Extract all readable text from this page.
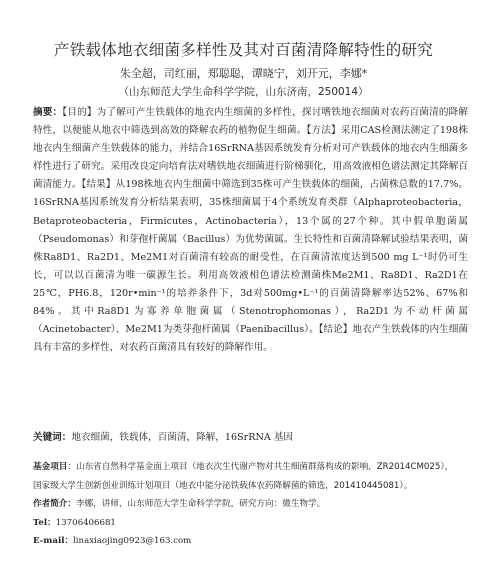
产铁载体地衣细菌多样性及其对百菌清降解特性的研究
朱全超，司红丽，郑聪聪，谭晓宁，刘开元，李娜*
（山东师范大学生命科学学院，山东济南，250014）
摘要：【目的】为了解可产生铁载体的地衣内生细菌的多样性，探讨嗜铁地衣细菌对农药百菌清的降解特性，以便能从地衣中筛选到高效的降解农药的植物促生细菌。【方法】采用CAS检测法测定了198株地衣内生细菌产生铁载体的能力，并结合16SrRNA基因系统发育分析对可产铁载体的地衣内生细菌多样性进行了研究。采用改良定向培育法对嗜铁地衣细菌进行阶梯驯化，用高效液相色谱法测定其降解百菌清能力。【结果】从198株地衣内生细菌中筛选到35株可产生铁载体的细菌，占菌株总数的17.7%。16SrRNA基因系统发育分析结果表明，35株细菌属于4个系统发育类群（Alphaproteobacteria，Betaproteobacteria，Firmicutes，Actinobacteria），13个属的27个种。其中假单胞菌属（Pseudomonas）和芽孢杆菌属（Bacillus）为优势菌属。生长特性和百菌清降解试验结果表明，菌株Ra8D1、Ra2D1、Me2M1对百菌清有较高的耐受性，在百菌清浓度达到500 mg L⁻¹时仍可生长，可以以百菌清为唯一碳源生长。利用高效液相色谱法检测菌株Me2M1、Ra8D1、Ra2D1在25℃，PH6.8，120r•min⁻¹的培养条件下，3d对500mg•L⁻¹的百菌清降解率达52%、67%和84%。其中Ra8D1为寡养单胞菌属（Stenotrophomonas），Ra2D1为不动杆菌属（Acinetobacter）、Me2M1为类芽孢杆菌属（Paenibacillus）。【结论】地衣产生铁载体的内生细菌具有丰富的多样性，对农药百菌清具有较好的降解作用。
关键词：地衣细菌，铁载体，百菌清，降解，16SrRNA 基因
基金项目：山东省自然科学基金面上项目（地衣次生代谢产物对共生细菌群落构成的影响，ZR2014CM025），
国家级大学生创新创业训练计划项目（地衣中能分泌铁载体农药降解菌的筛选，201410445081）。
作者简介：李娜，讲师，山东师范大学生命科学学院，研究方向：微生物学。
Tel：13706406681
E-mail：linaxiaojing0923@163.com
